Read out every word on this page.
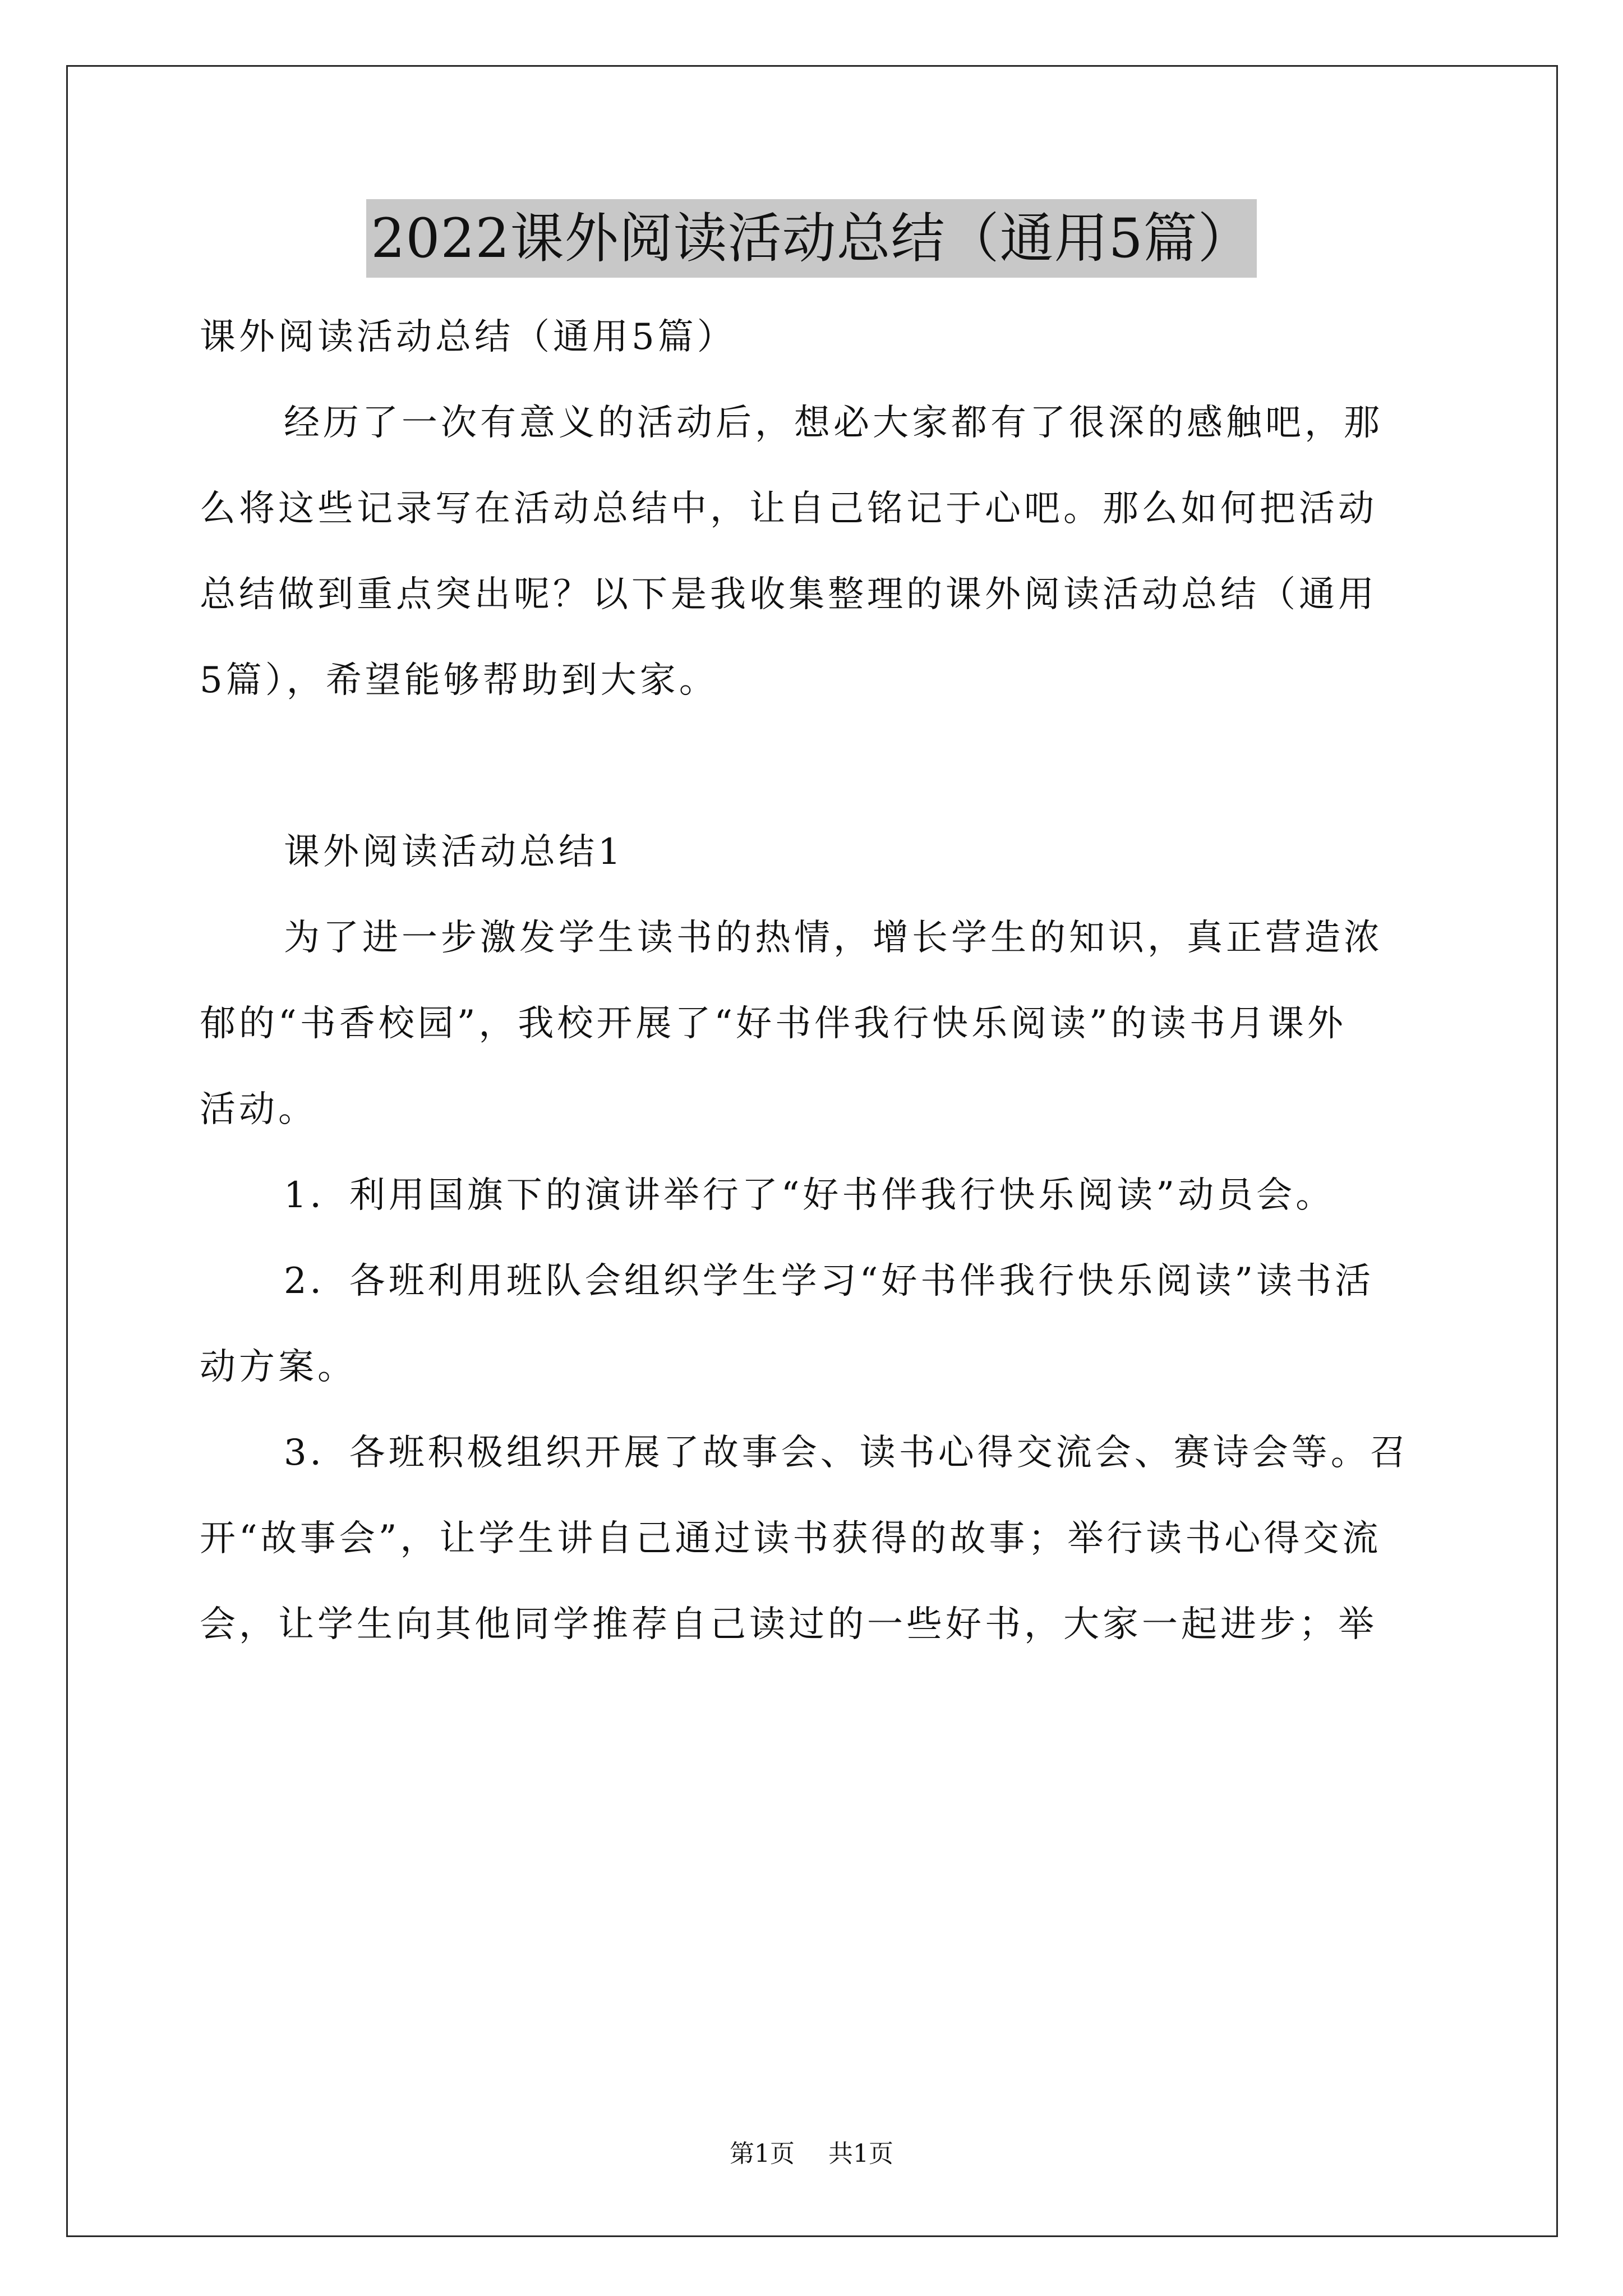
2022课外阅读活动总结（通用5篇）
课外阅读活动总结（通用5篇）
经历了一次有意义的活动后，想必大家都有了很深的感触吧，那
么将这些记录写在活动总结中，让自己铭记于心吧。那么如何把活动
总结做到重点突出呢？以下是我收集整理的课外阅读活动总结（通用
5篇），希望能够帮助到大家。
课外阅读活动总结1
为了进一步激发学生读书的热情，增长学生的知识，真正营造浓
郁的“书香校园”，我校开展了“好书伴我行快乐阅读”的读书月课外
活动。
1．利用国旗下的演讲举行了“好书伴我行快乐阅读”动员会。
2．各班利用班队会组织学生学习“好书伴我行快乐阅读”读书活
动方案。
3．各班积极组织开展了故事会、读书心得交流会、赛诗会等。召
开“故事会”，让学生讲自己通过读书获得的故事；举行读书心得交流
会，让学生向其他同学推荐自己读过的一些好书，大家一起进步；举
第1页 共1页
